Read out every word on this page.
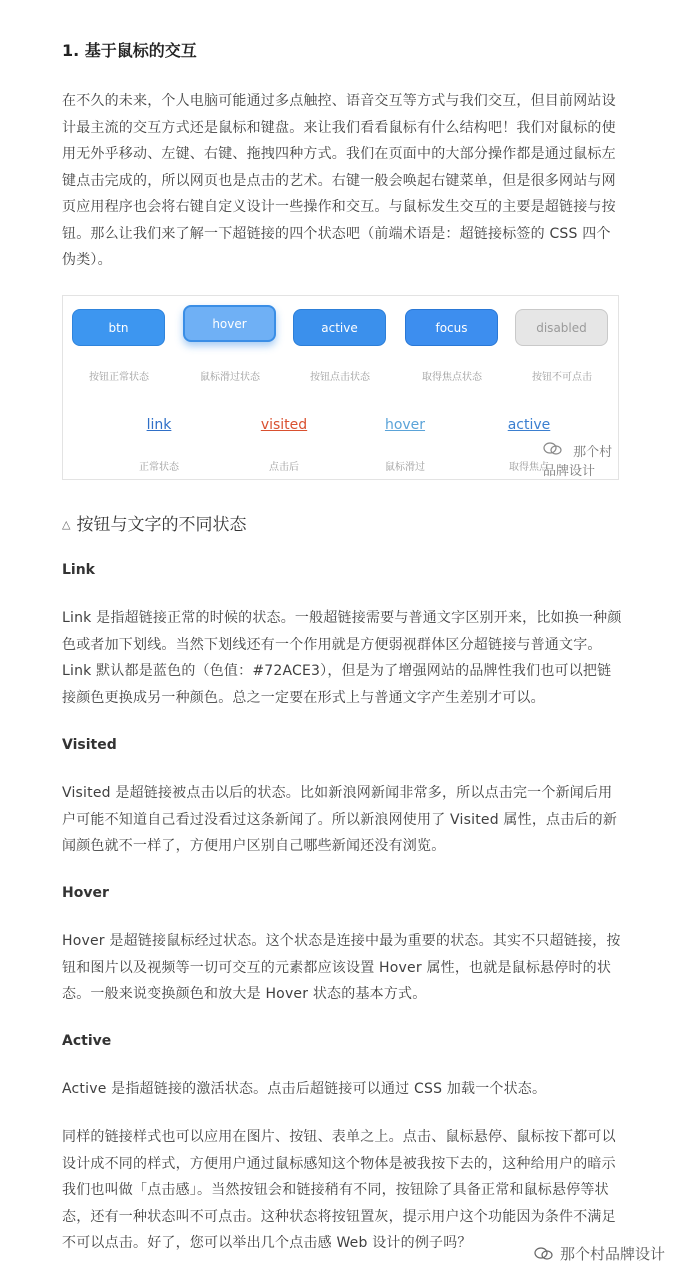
1. 基于鼠标的交互
在不久的未来，个人电脑可能通过多点触控、语音交互等方式与我们交互，但目前网站设计最主流的交互方式还是鼠标和键盘。来让我们看看鼠标有什么结构吧！我们对鼠标的使用无外乎移动、左键、右键、拖拽四种方式。我们在页面中的大部分操作都是通过鼠标左键点击完成的，所以网页也是点击的艺术。右键一般会唤起右键菜单，但是很多网站与网页应用程序也会将右键自定义设计一些操作和交互。与鼠标发生交互的主要是超链接与按钮。那么让我们来了解一下超链接的四个状态吧（前端术语是：超链接标签的 CSS 四个伪类）。
btn	hover	active	focus	disabled
按钮正常状态	鼠标滑过状态	按钮点击状态	取得焦点状态	按钮不可点击
link	visited	hover	active
正常状态	点击后	鼠标滑过	取得焦点
那个村品牌设计
△ 按钮与文字的不同状态
Link
Link 是指超链接正常的时候的状态。一般超链接需要与普通文字区别开来，比如换一种颜色或者加下划线。当然下划线还有一个作用就是方便弱视群体区分超链接与普通文字。Link 默认都是蓝色的（色值：#72ACE3），但是为了增强网站的品牌性我们也可以把链接颜色更换成另一种颜色。总之一定要在形式上与普通文字产生差别才可以。
Visited
Visited 是超链接被点击以后的状态。比如新浪网新闻非常多，所以点击完一个新闻后用户可能不知道自己看过没看过这条新闻了。所以新浪网使用了 Visited 属性，点击后的新闻颜色就不一样了，方便用户区别自己哪些新闻还没有浏览。
Hover
Hover 是超链接鼠标经过状态。这个状态是连接中最为重要的状态。其实不只超链接，按钮和图片以及视频等一切可交互的元素都应该设置 Hover 属性，也就是鼠标悬停时的状态。一般来说变换颜色和放大是 Hover 状态的基本方式。
Active
Active 是指超链接的激活状态。点击后超链接可以通过 CSS 加载一个状态。
同样的链接样式也可以应用在图片、按钮、表单之上。点击、鼠标悬停、鼠标按下都可以设计成不同的样式，方便用户通过鼠标感知这个物体是被我按下去的，这种给用户的暗示我们也叫做「点击感」。当然按钮会和链接稍有不同，按钮除了具备正常和鼠标悬停等状态，还有一种状态叫不可点击。这种状态将按钮置灰，提示用户这个功能因为条件不满足不可以点击。好了，您可以举出几个点击感 Web 设计的例子吗？
那个村品牌设计
